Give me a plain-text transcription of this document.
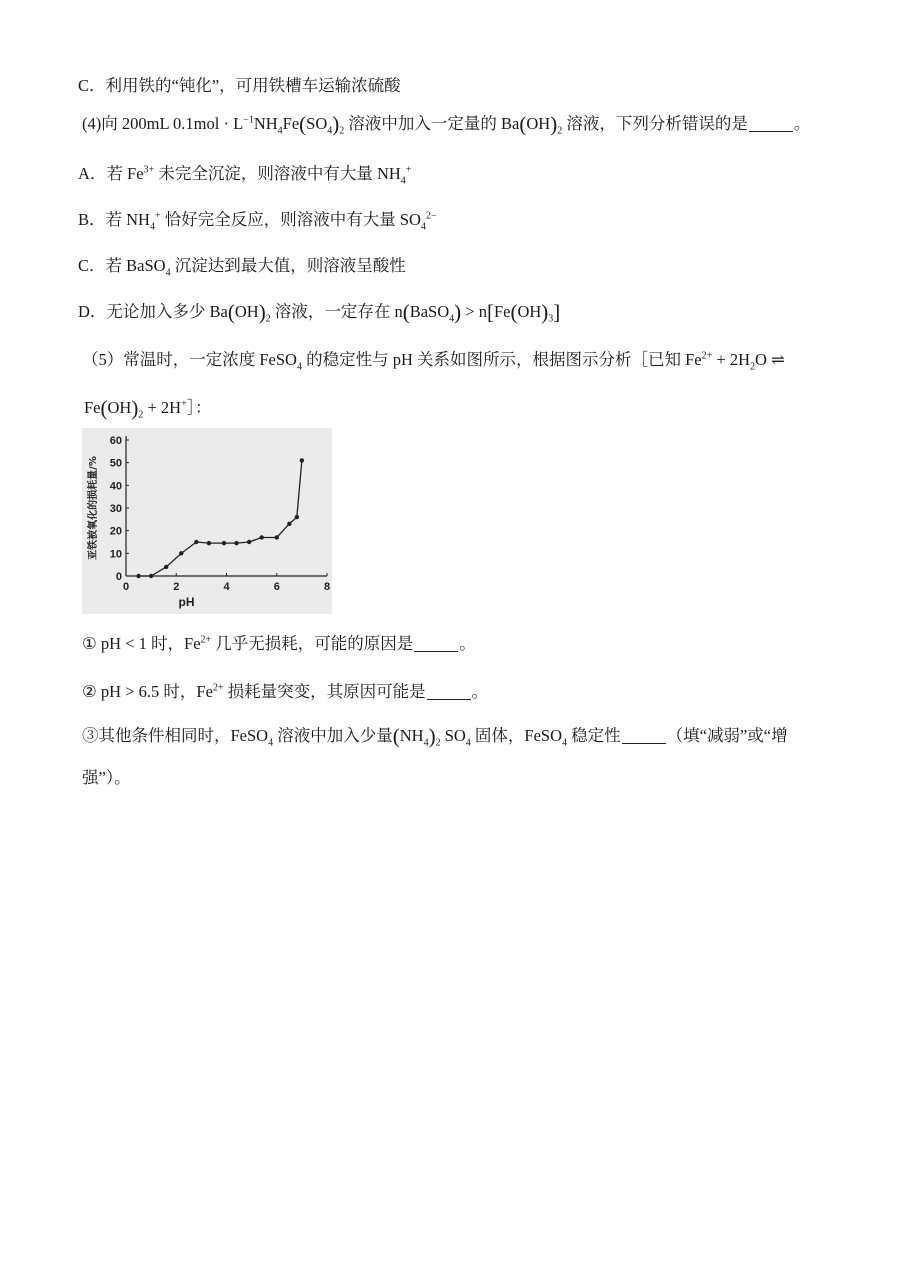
C．利用铁的“钝化”，可用铁槽车运输浓硫酸
(4)向 200mL $0.1mol \cdot L^{-1}NH_4Fe(SO_4)_2$ 溶液中加入一定量的 $Ba(OH)_2$ 溶液，下列分析错误的是	。
A．若 $Fe^{3+}$ 未完全沉淀，则溶液中有大量 $NH_4^+$
B．若 $NH_4^+$ 恰好完全反应，则溶液中有大量 $SO_4^{2-}$
C．若 BaSO$_4$ 沉淀达到最大值，则溶液呈酸性
D．无论加入多少 $Ba(OH)_2$ 溶液，一定存在 n(BaSO$_4$) > $n[Fe(OH)_3]$
（5）常温时，一定浓度 FeSO$_4$ 的稳定性与 pH 关系如图所示，根据图示分析［已知 $Fe^{2+} + 2H_2O$ ⇌
$Fe(OH)_2$ + 2H+］：
0	2	4	6	8
0
10
20
30
40
50
60
pH
亚铁被氧化的损耗量/%
① pH < 1 时，$Fe^{2+}$ 几乎无损耗，可能的原因是	。
② pH > 6.5 时，$Fe^{2+}$ 损耗量突变，其原因可能是	。
③其他条件相同时，FeSO$_4$ 溶液中加入少量$(NH_4)_2$ $SO_4$ 固体，FeSO$_4$ 稳定性	（填“减弱”或“增
强”）。
